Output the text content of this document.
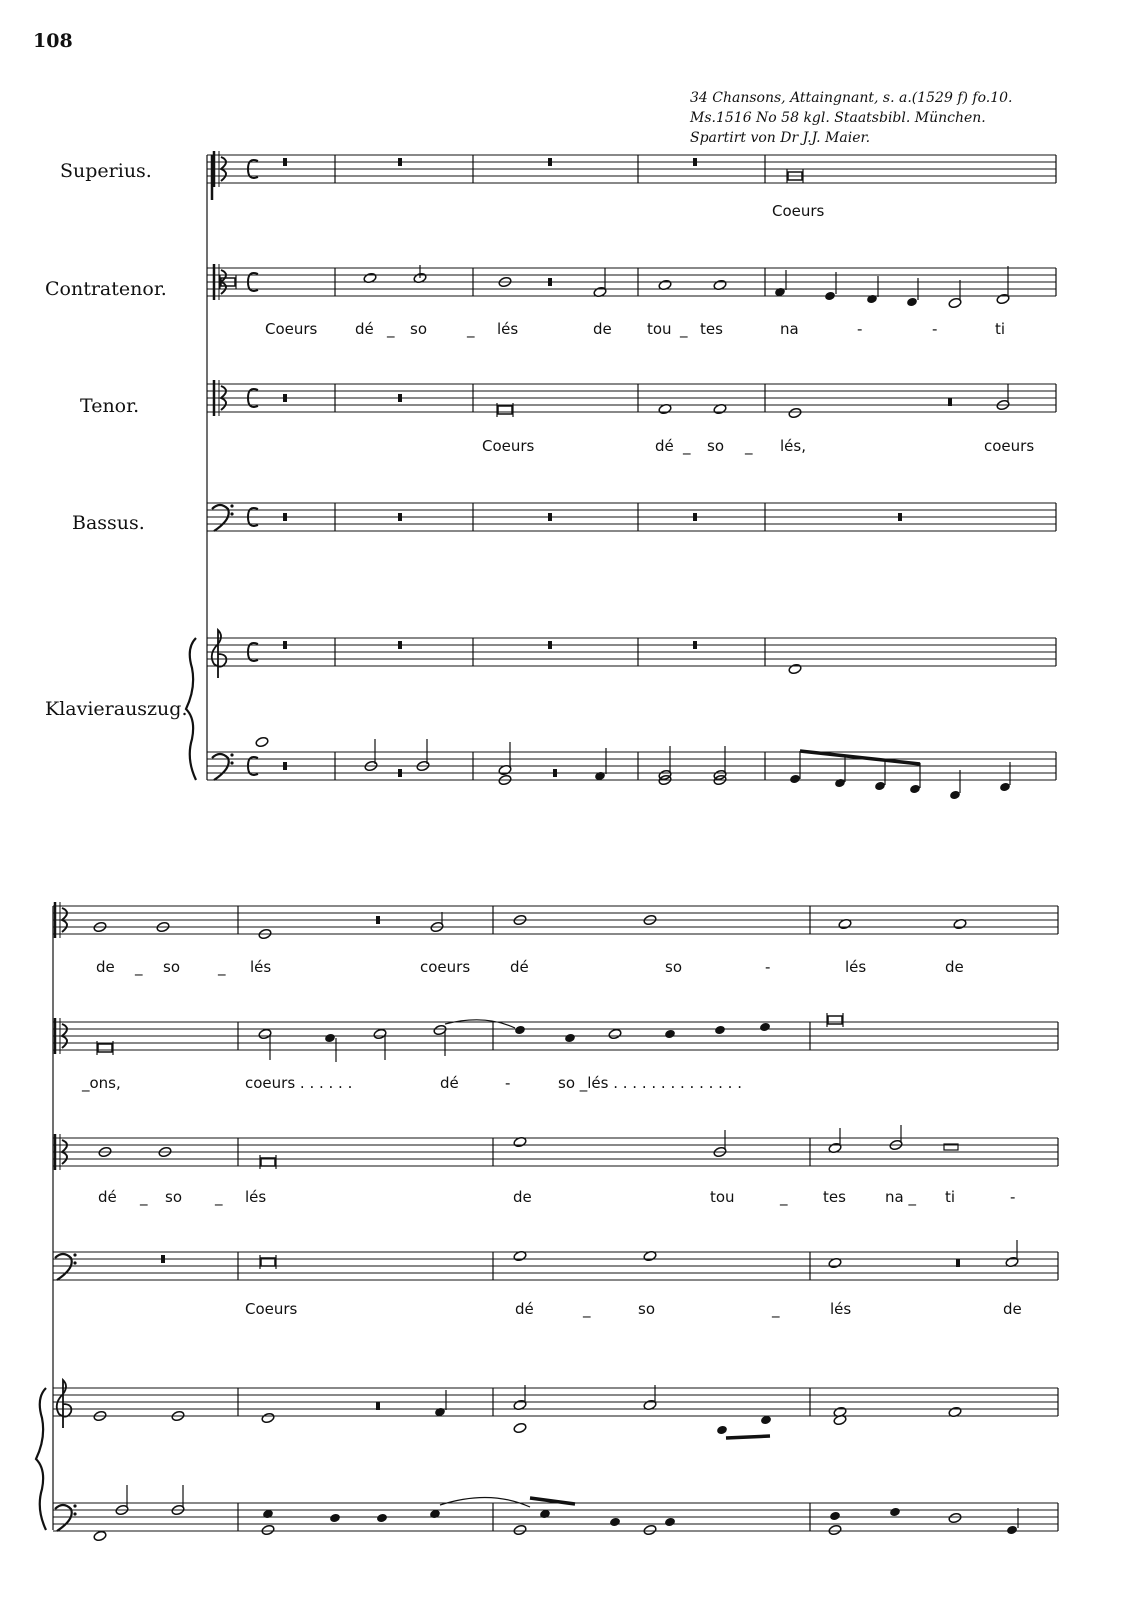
108
34 Chansons, Attaingnant, s. a.(1529 f) fo.10.
Ms.1516 No 58 kgl. Staatsbibl. München.
Spartirt von Dr J.J. Maier.
Superius.
Contratenor.
Tenor.
Bassus.
Klavierauszug.
Coeurs
Coeurs	dé _ so	_ lés	de tou _ tes	na	-	-	ti
Coeurs	dé _ so _ lés,	coeurs
de _ so	_ lés	coeurs	dé	so	-	lés	de
_ons,	coeurs . . . . . .	dé	-	so _lés . . . . . . . . . . . . . .
dé _ so _ lés	de	tou	_ tes	na _ ti	-
Coeurs	dé	_	so	_	lés	de
